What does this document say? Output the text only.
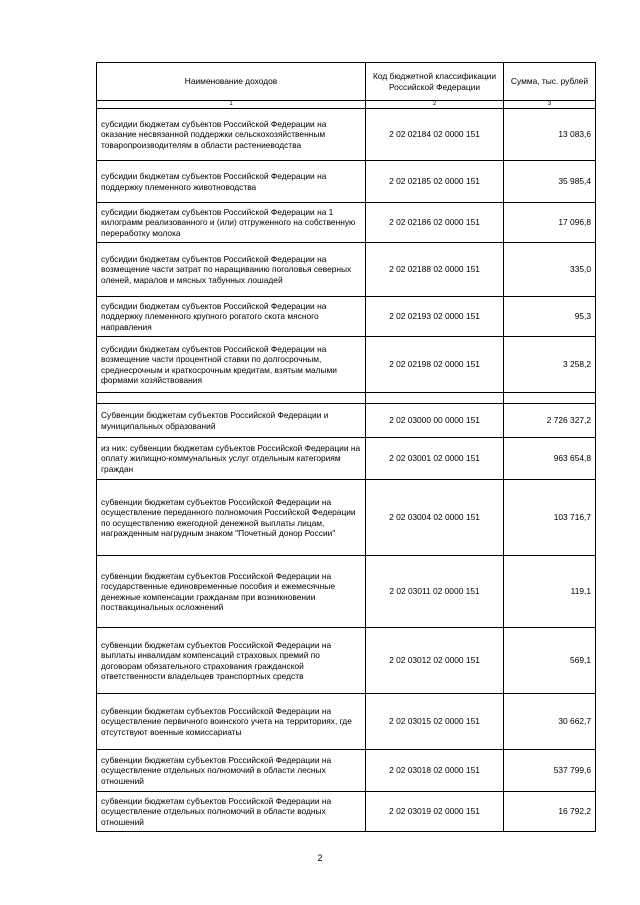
Наименование доходов	Код бюджетной классификации Российской Федерации	Сумма, тыс. рублей
1	2	3
субсидии бюджетам субъектов Российской Федерации на оказание несвязанной поддержки сельскохозяйственным товаропроизводителям в области растениеводства	2 02 02184 02 0000 151	13 083,6
субсидии бюджетам субъектов Российской Федерации на поддержку племенного животноводства	2 02 02185 02 0000 151	35 985,4
субсидии бюджетам субъектов Российской Федерации на 1 килограмм реализованного и (или) отгруженного на собственную переработку молока	2 02 02186 02 0000 151	17 096,8
субсидии бюджетам субъектов Российской Федерации на возмещение части затрат по наращиванию поголовья северных оленей, маралов и мясных табунных лошадей	2 02 02188 02 0000 151	335,0
субсидии бюджетам субъектов Российской Федерации на поддержку племенного крупного рогатого скота мясного направления	2 02 02193 02 0000 151	95,3
субсидии бюджетам субъектов Российской Федерации на возмещение части процентной ставки по долгосрочным, среднесрочным и краткосрочным кредитам, взятым малыми формами хозяйствования	2 02 02198 02 0000 151	3 258,2

Субвенции бюджетам субъектов Российской Федерации и муниципальных образований	2 02 03000 00 0000 151	2 726 327,2
из них: субвенции бюджетам субъектов Российской Федерации на оплату жилищно-коммунальных услуг отдельным категориям граждан	2 02 03001 02 0000 151	963 654,8
субвенции бюджетам субъектов Российской Федерации на осуществление переданного полномочия Российской Федерации по осуществлению ежегодной денежной выплаты лицам, награжденным нагрудным знаком "Почетный донор России"	2 02 03004 02 0000 151	103 716,7
субвенции бюджетам субъектов Российской Федерации на государственные единовременные пособия и ежемесячные денежные компенсации гражданам при возникновении поствакцинальных осложнений	2 02 03011 02 0000 151	119,1
субвенции бюджетам субъектов Российской Федерации на выплаты инвалидам компенсаций страховых премий по договорам обязательного страхования гражданской ответственности владельцев транспортных средств	2 02 03012 02 0000 151	569,1
субвенции бюджетам субъектов Российской Федерации на осуществление первичного воинского учета на территориях, где отсутствуют военные комиссариаты	2 02 03015 02 0000 151	30 662,7
субвенции бюджетам субъектов Российской Федерации на осуществление отдельных полномочий в области лесных отношений	2 02 03018 02 0000 151	537 799,6
субвенции бюджетам субъектов Российской Федерации на осуществление отдельных полномочий в области водных отношений	2 02 03019 02 0000 151	16 792,2
2
